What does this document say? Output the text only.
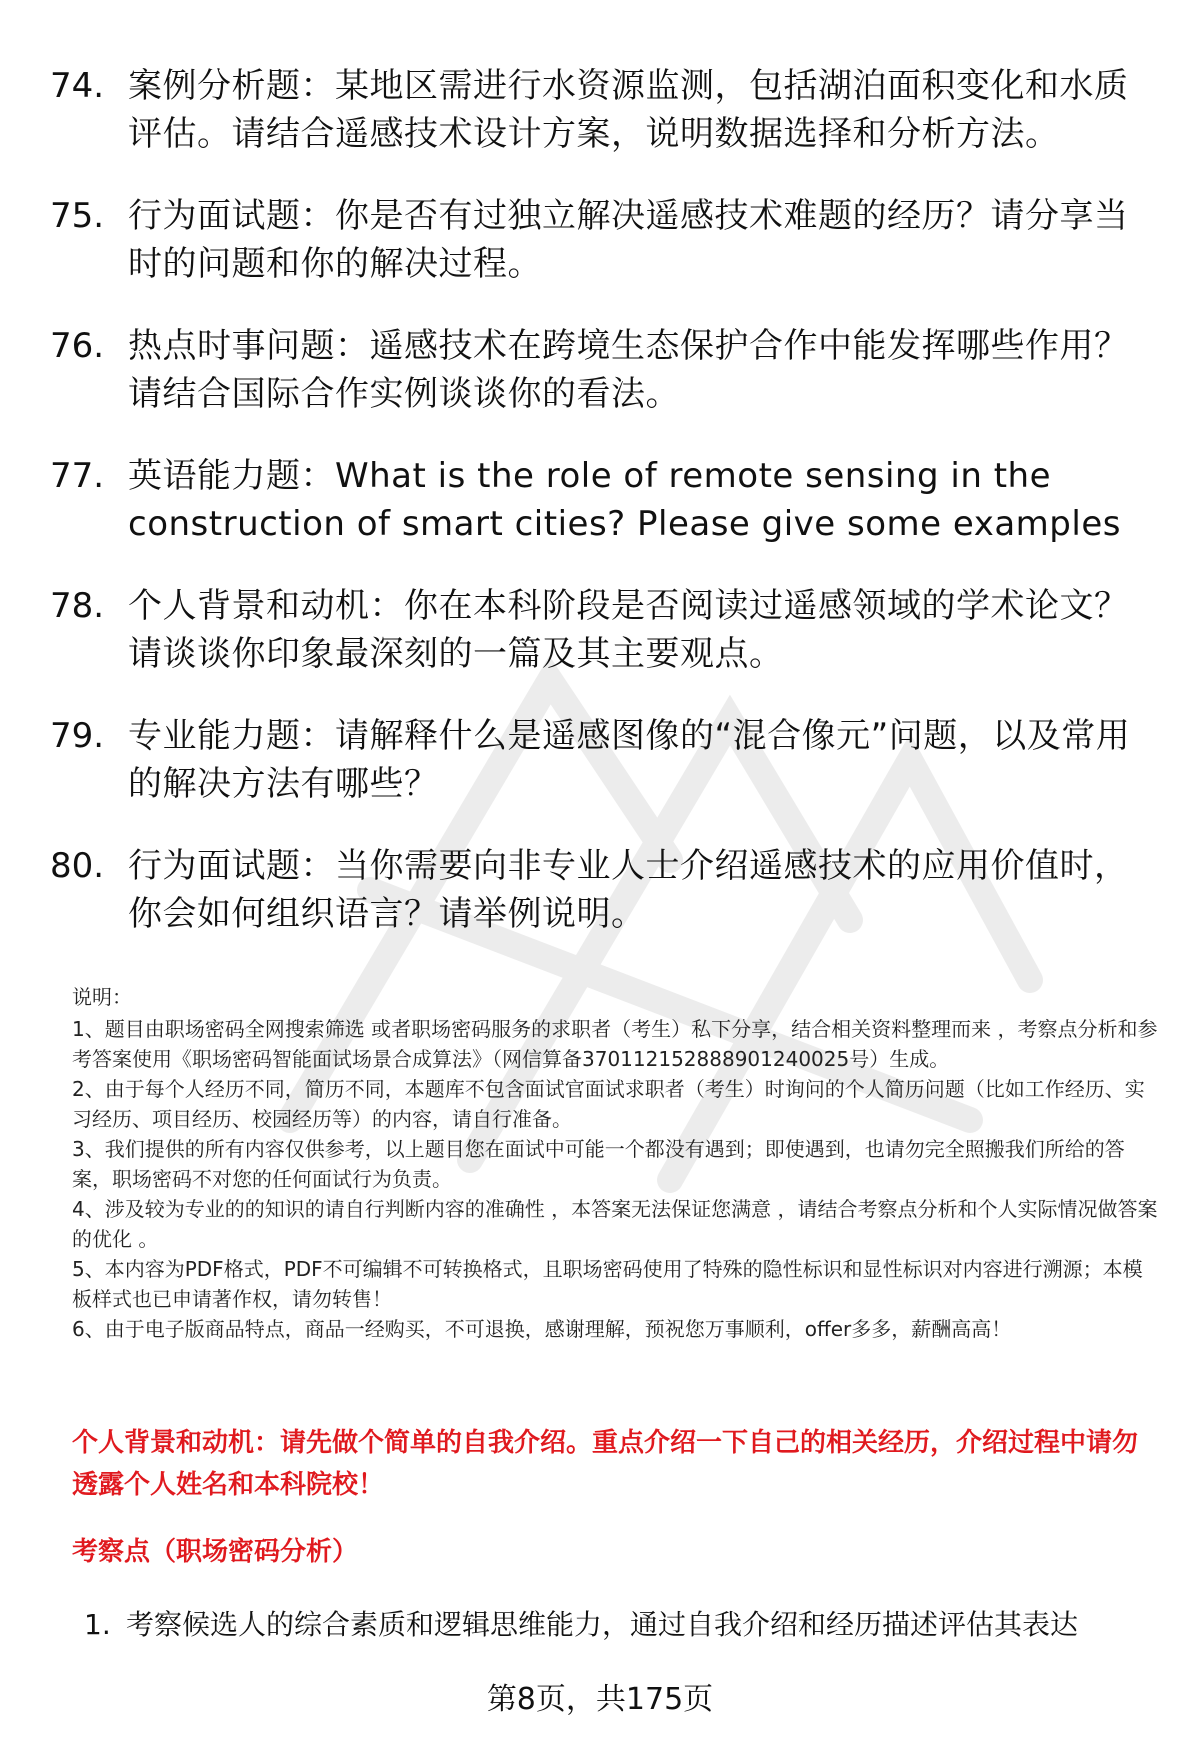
74. 案例分析题：某地区需进行水资源监测，包括湖泊面积变化和水质评估。请结合遥感技术设计方案，说明数据选择和分析方法。
75. 行为面试题：你是否有过独立解决遥感技术难题的经历？请分享当时的问题和你的解决过程。
76. 热点时事问题：遥感技术在跨境生态保护合作中能发挥哪些作用？请结合国际合作实例谈谈你的看法。
77. 英语能力题：What is the role of remote sensing in the construction of smart cities? Please give some examples
78. 个人背景和动机：你在本科阶段是否阅读过遥感领域的学术论文？请谈谈你印象最深刻的一篇及其主要观点。
79. 专业能力题：请解释什么是遥感图像的“混合像元”问题，以及常用的解决方法有哪些？
80. 行为面试题：当你需要向非专业人士介绍遥感技术的应用价值时，你会如何组织语言？请举例说明。
说明：

1、题目由职场密码全网搜索筛选 或者职场密码服务的求职者（考生）私下分享，结合相关资料整理而来 ，考察点分析和参考答案使用《职场密码智能面试场景合成算法》（网信算备370112152888901240025号）生成。

2、由于每个人经历不同，简历不同，本题库不包含面试官面试求职者（考生）时询问的个人简历问题（比如工作经历、实习经历、项目经历、校园经历等）的内容，请自行准备。

3、我们提供的所有内容仅供参考，以上题目您在面试中可能一个都没有遇到；即使遇到，也请勿完全照搬我们所给的答案，职场密码不对您的任何面试行为负责。

4、涉及较为专业的的知识的请自行判断内容的准确性 ，本答案无法保证您满意 ，请结合考察点分析和个人实际情况做答案的优化 。

5、本内容为PDF格式，PDF不可编辑不可转换格式，且职场密码使用了特殊的隐性标识和显性标识对内容进行溯源；本模板样式也已申请著作权，请勿转售！

6、由于电子版商品特点，商品一经购买，不可退换，感谢理解，预祝您万事顺利，offer多多，薪酬高高！

个人背景和动机：请先做个简单的自我介绍。重点介绍一下自己的相关经历，介绍过程中请勿透露个人姓名和本科院校！
考察点（职场密码分析）
1. 考察候选人的综合素质和逻辑思维能力，通过自我介绍和经历描述评估其表达
第8页，共175页
